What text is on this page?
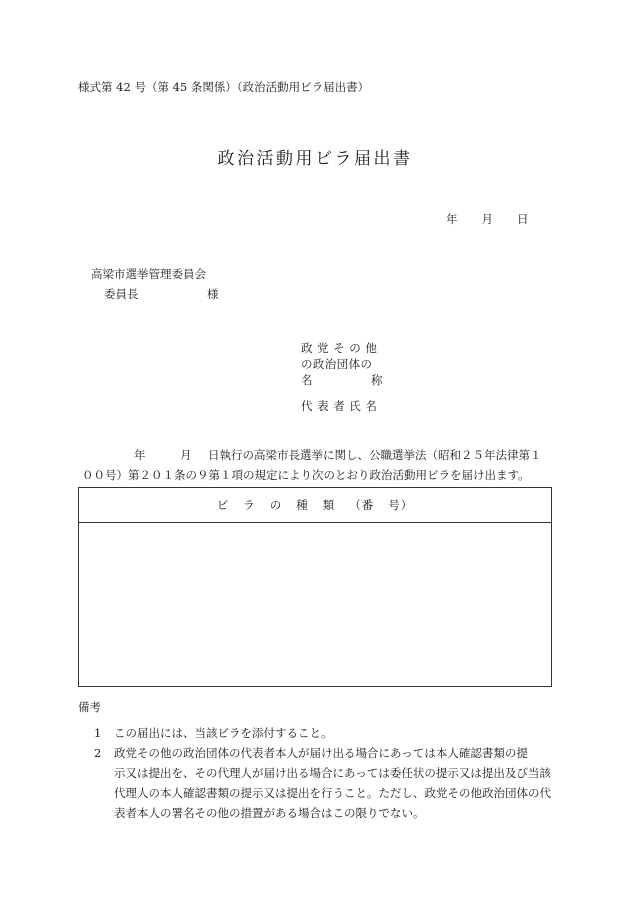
様式第 42 号（第 45 条関係）（政治活動用ビラ届出書）
政治活動用ビラ届出書
年 月 日
高梁市選挙管理委員会
委員長	様
政党その他
の政治団体の
名	称
代表者氏名
年	月 日執行の高梁市長選挙に関し、公職選挙法（昭和２５年法律第１
００号）第２０１条の９第１項の規定により次のとおり政治活動用ビラを届け出ます。
ビ ラ の 種 類 （番 号）
備考
1 この届出には、当該ビラを添付すること。
2 政党その他の政治団体の代表者本人が届け出る場合にあっては本人確認書類の提
示又は提出を、その代理人が届け出る場合にあっては委任状の提示又は提出及び当該
代理人の本人確認書類の提示又は提出を行うこと。ただし、政党その他政治団体の代
表者本人の署名その他の措置がある場合はこの限りでない。
